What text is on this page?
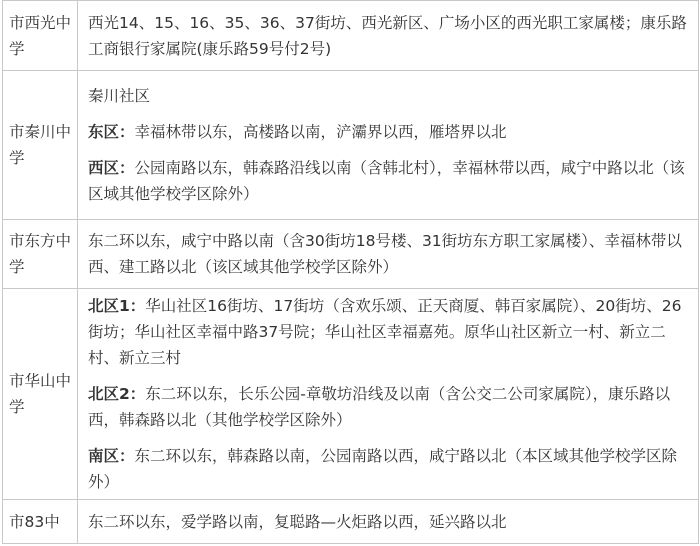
市西光中学	西光14、15、16、35、36、37街坊、西光新区、广场小区的西光职工家属楼；康乐路工商银行家属院(康乐路59号付2号)

市秦川中学	秦川社区

东区：幸福林带以东，高楼路以南，浐灞界以西，雁塔界以北

西区：公园南路以东，韩森路沿线以南（含韩北村），幸福林带以西，咸宁中路以北（该区域其他学校学区除外）

市东方中学	东二环以东，咸宁中路以南（含30街坊18号楼、31街坊东方职工家属楼）、幸福林带以西、建工路以北（该区域其他学校学区除外）

市华山中学	北区1：华山社区16街坊、17街坊（含欢乐颂、正天商厦、韩百家属院）、20街坊、26街坊；华山社区幸福中路37号院；华山社区幸福嘉苑。原华山社区新立一村、新立二村、新立三村

北区2：东二环以东，长乐公园-章敬坊沿线及以南（含公交二公司家属院），康乐路以西，韩森路以北（其他学校学区除外）

南区：东二环以东，韩森路以南，公园南路以西，咸宁路以北（本区域其他学校学区除外）

市83中	东二环以东，爱学路以南，复聪路—火炬路以西，延兴路以北
